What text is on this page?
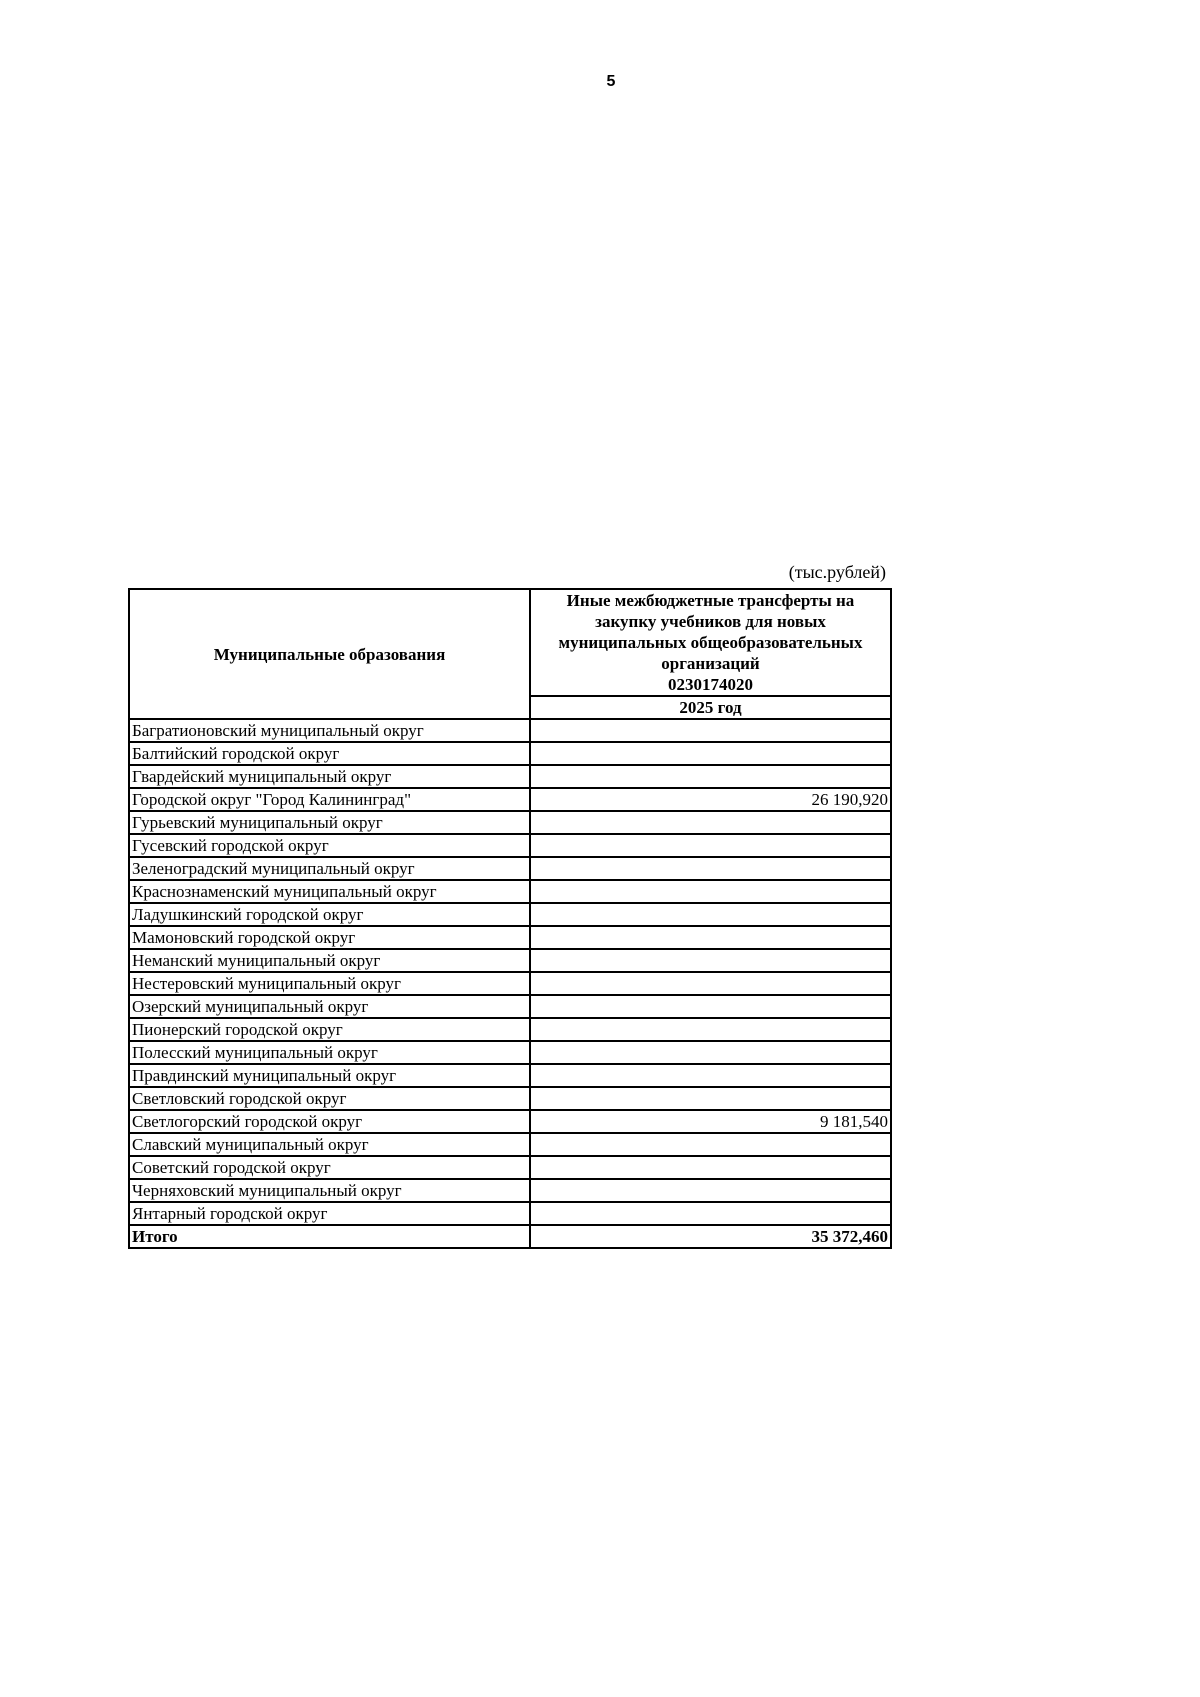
5
(тыс.рублей)
Муниципальные образования	Иные межбюджетные трансферты на
закупку учебников для новых
муниципальных общеобразовательных
организаций
0230174020

	2025 год
Багратионовский муниципальный округ	
Балтийский городской округ	
Гвардейский муниципальный округ	
Городской округ "Город Калининград"	26 190,920
Гурьевский муниципальный округ	
Гусевский городской округ	
Зеленоградский муниципальный округ	
Краснознаменский муниципальный округ	
Ладушкинский городской округ	
Мамоновский городской округ	
Неманский муниципальный округ	
Нестеровский муниципальный округ	
Озерский муниципальный округ	
Пионерский городской округ	
Полесский муниципальный округ	
Правдинский муниципальный округ	
Светловский городской округ	
Светлогорский городской округ	9 181,540
Славский муниципальный округ	
Советский городской округ	
Черняховский муниципальный округ	
Янтарный городской округ	
Итого	35 372,460
